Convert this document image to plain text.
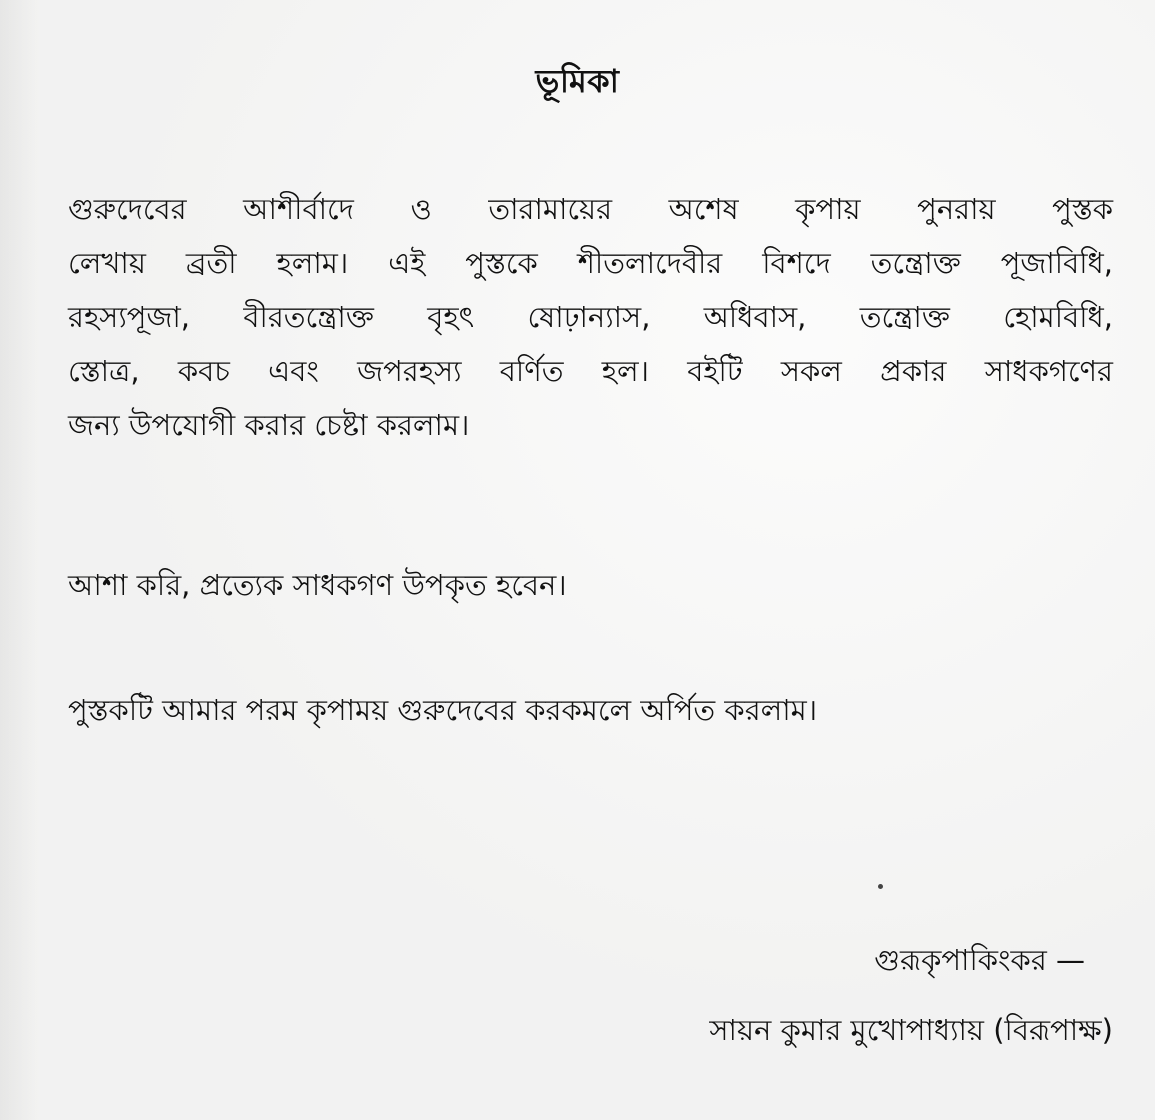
ভূমিকা
গুরুদেবের আশীর্বাদে ও তারামায়ের অশেষ কৃপায় পুনরায় পুস্তক
লেখায় ব্রতী হলাম। এই পুস্তকে শীতলাদেবীর বিশদে তন্ত্রোক্ত পূজাবিধি,
রহস্যপূজা, বীরতন্ত্রোক্ত বৃহৎ ষোঢ়ান্যাস, অধিবাস, তন্ত্রোক্ত হোমবিধি,
স্তোত্র, কবচ এবং জপরহস্য বর্ণিত হল। বইটি সকল প্রকার সাধকগণের
জন্য উপযোগী করার চেষ্টা করলাম।
আশা করি, প্রত্যেক সাধকগণ উপকৃত হবেন।
পুস্তকটি আমার পরম কৃপাময় গুরুদেবের করকমলে অর্পিত করলাম।
গুরূকৃপাকিংকর —
সায়ন কুমার মুখোপাধ্যায় (বিরূপাক্ষ)
